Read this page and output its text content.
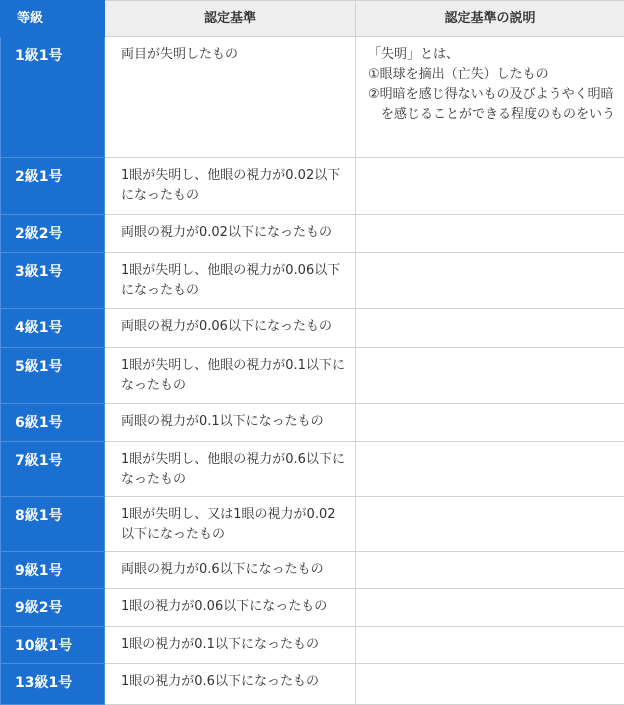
等級	認定基準	認定基準の説明
1級1号	両目が失明したもの	「失明」とは、
①眼球を摘出（亡失）したもの
②明暗を感じ得ないもの及びようやく明暗を感じることができる程度のものをいう

2級1号	1眼が失明し、他眼の視力が0.02以下になったもの	
2級2号	両眼の視力が0.02以下になったもの	
3級1号	1眼が失明し、他眼の視力が0.06以下になったもの	
4級1号	両眼の視力が0.06以下になったもの	
5級1号	1眼が失明し、他眼の視力が0.1以下になったもの	
6級1号	両眼の視力が0.1以下になったもの	
7級1号	1眼が失明し、他眼の視力が0.6以下になったもの	
8級1号	1眼が失明し、又は1眼の視力が0.02以下になったもの	
9級1号	両眼の視力が0.6以下になったもの	
9級2号	1眼の視力が0.06以下になったもの	
10級1号	1眼の視力が0.1以下になったもの	
13級1号	1眼の視力が0.6以下になったもの	
